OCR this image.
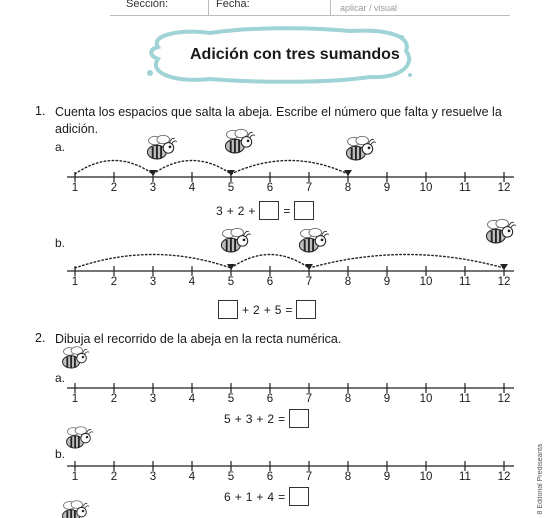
Sección:	Fecha:	aplicar / visual
Adición con tres sumandos
1. Cuenta los espacios que salta la abeja. Escribe el número que falta y resuelve la adición.
a.
b.
2. Dibuja el recorrido de la abeja en la recta numérica.
a.
b.
3 + 2 + =
+ 2 + 5 =
5 + 3 + 2 =
6 + 1 + 4 =
1	2	3	4	5	6	7	8	9	10 11 12
1	2	3	4	5	6	7	8	9	10 11 12
1	2	3	4	5	6	7	8	9	10 11 12
1	2	3	4	5	6	7	8	9	10 11 12	8 Editorial Prediseanta
